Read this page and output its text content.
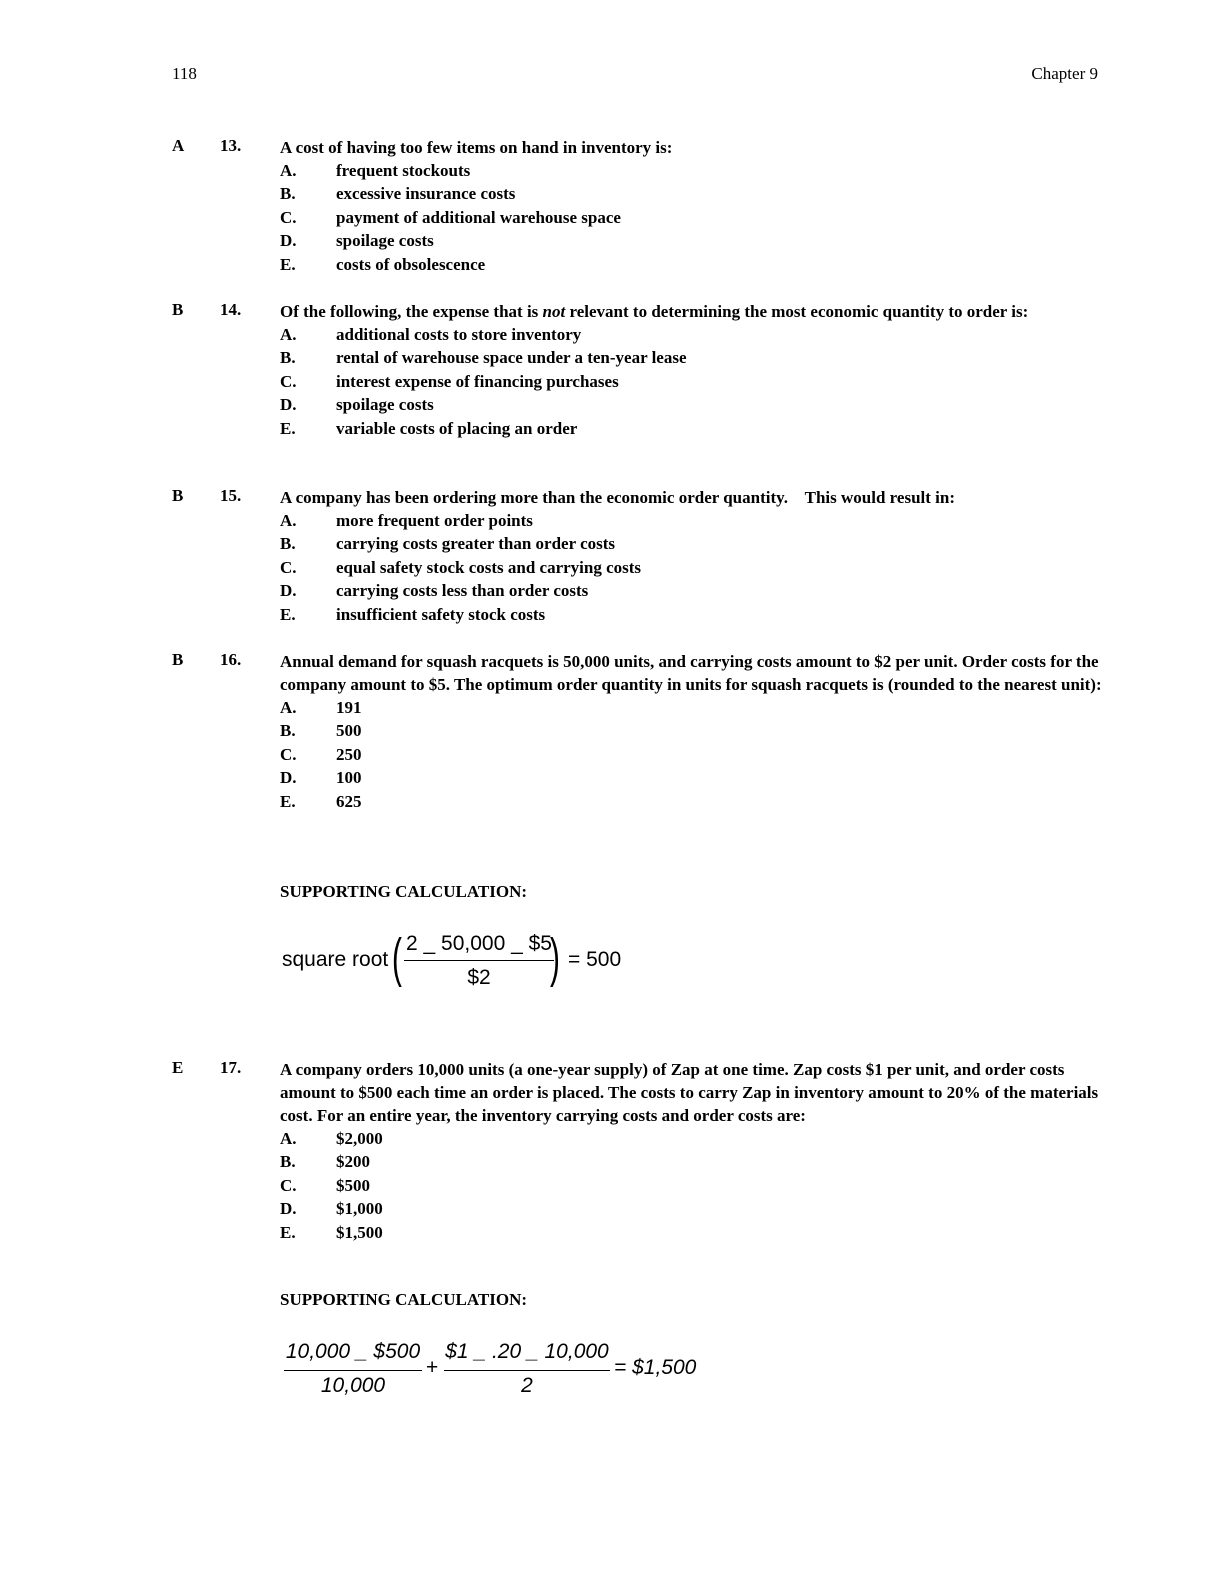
118	Chapter 9
A 13. A cost of having too few items on hand in inventory is:
A. frequent stockouts
B. excessive insurance costs
C. payment of additional warehouse space
D. spoilage costs
E. costs of obsolescence
B 14. Of the following, the expense that is not relevant to determining the most economic quantity to order is:
A. additional costs to store inventory
B. rental of warehouse space under a ten-year lease
C. interest expense of financing purchases
D. spoilage costs
E. variable costs of placing an order
B 15. A company has been ordering more than the economic order quantity.    This would result in:
A. more frequent order points
B. carrying costs greater than order costs
C. equal safety stock costs and carrying costs
D. carrying costs less than order costs
E. insufficient safety stock costs
B 16. Annual demand for squash racquets is 50,000 units, and carrying costs amount to $2 per unit. Order costs for the company amount to $5. The optimum order quantity in units for squash racquets is (rounded to the nearest unit):
A. 191
B. 500
C. 250
D. 100
E. 625
SUPPORTING CALCULATION:
square root ( 2 _ 50,000 _ $5
$2	) = 500
E 17. A company orders 10,000 units (a one-year supply) of Zap at one time. Zap costs $1 per unit, and order costs amount to $500 each time an order is placed. The costs to carry Zap in inventory amount to 20% of the materials cost. For an entire year, the inventory carrying costs and order costs are:
A. $2,000
B. $200
C. $500
D. $1,000
E. $1,500
SUPPORTING CALCULATION:
10,000 _ $500
10,000
+
$1 _ .20 _ 10,000
2
= $1,500
